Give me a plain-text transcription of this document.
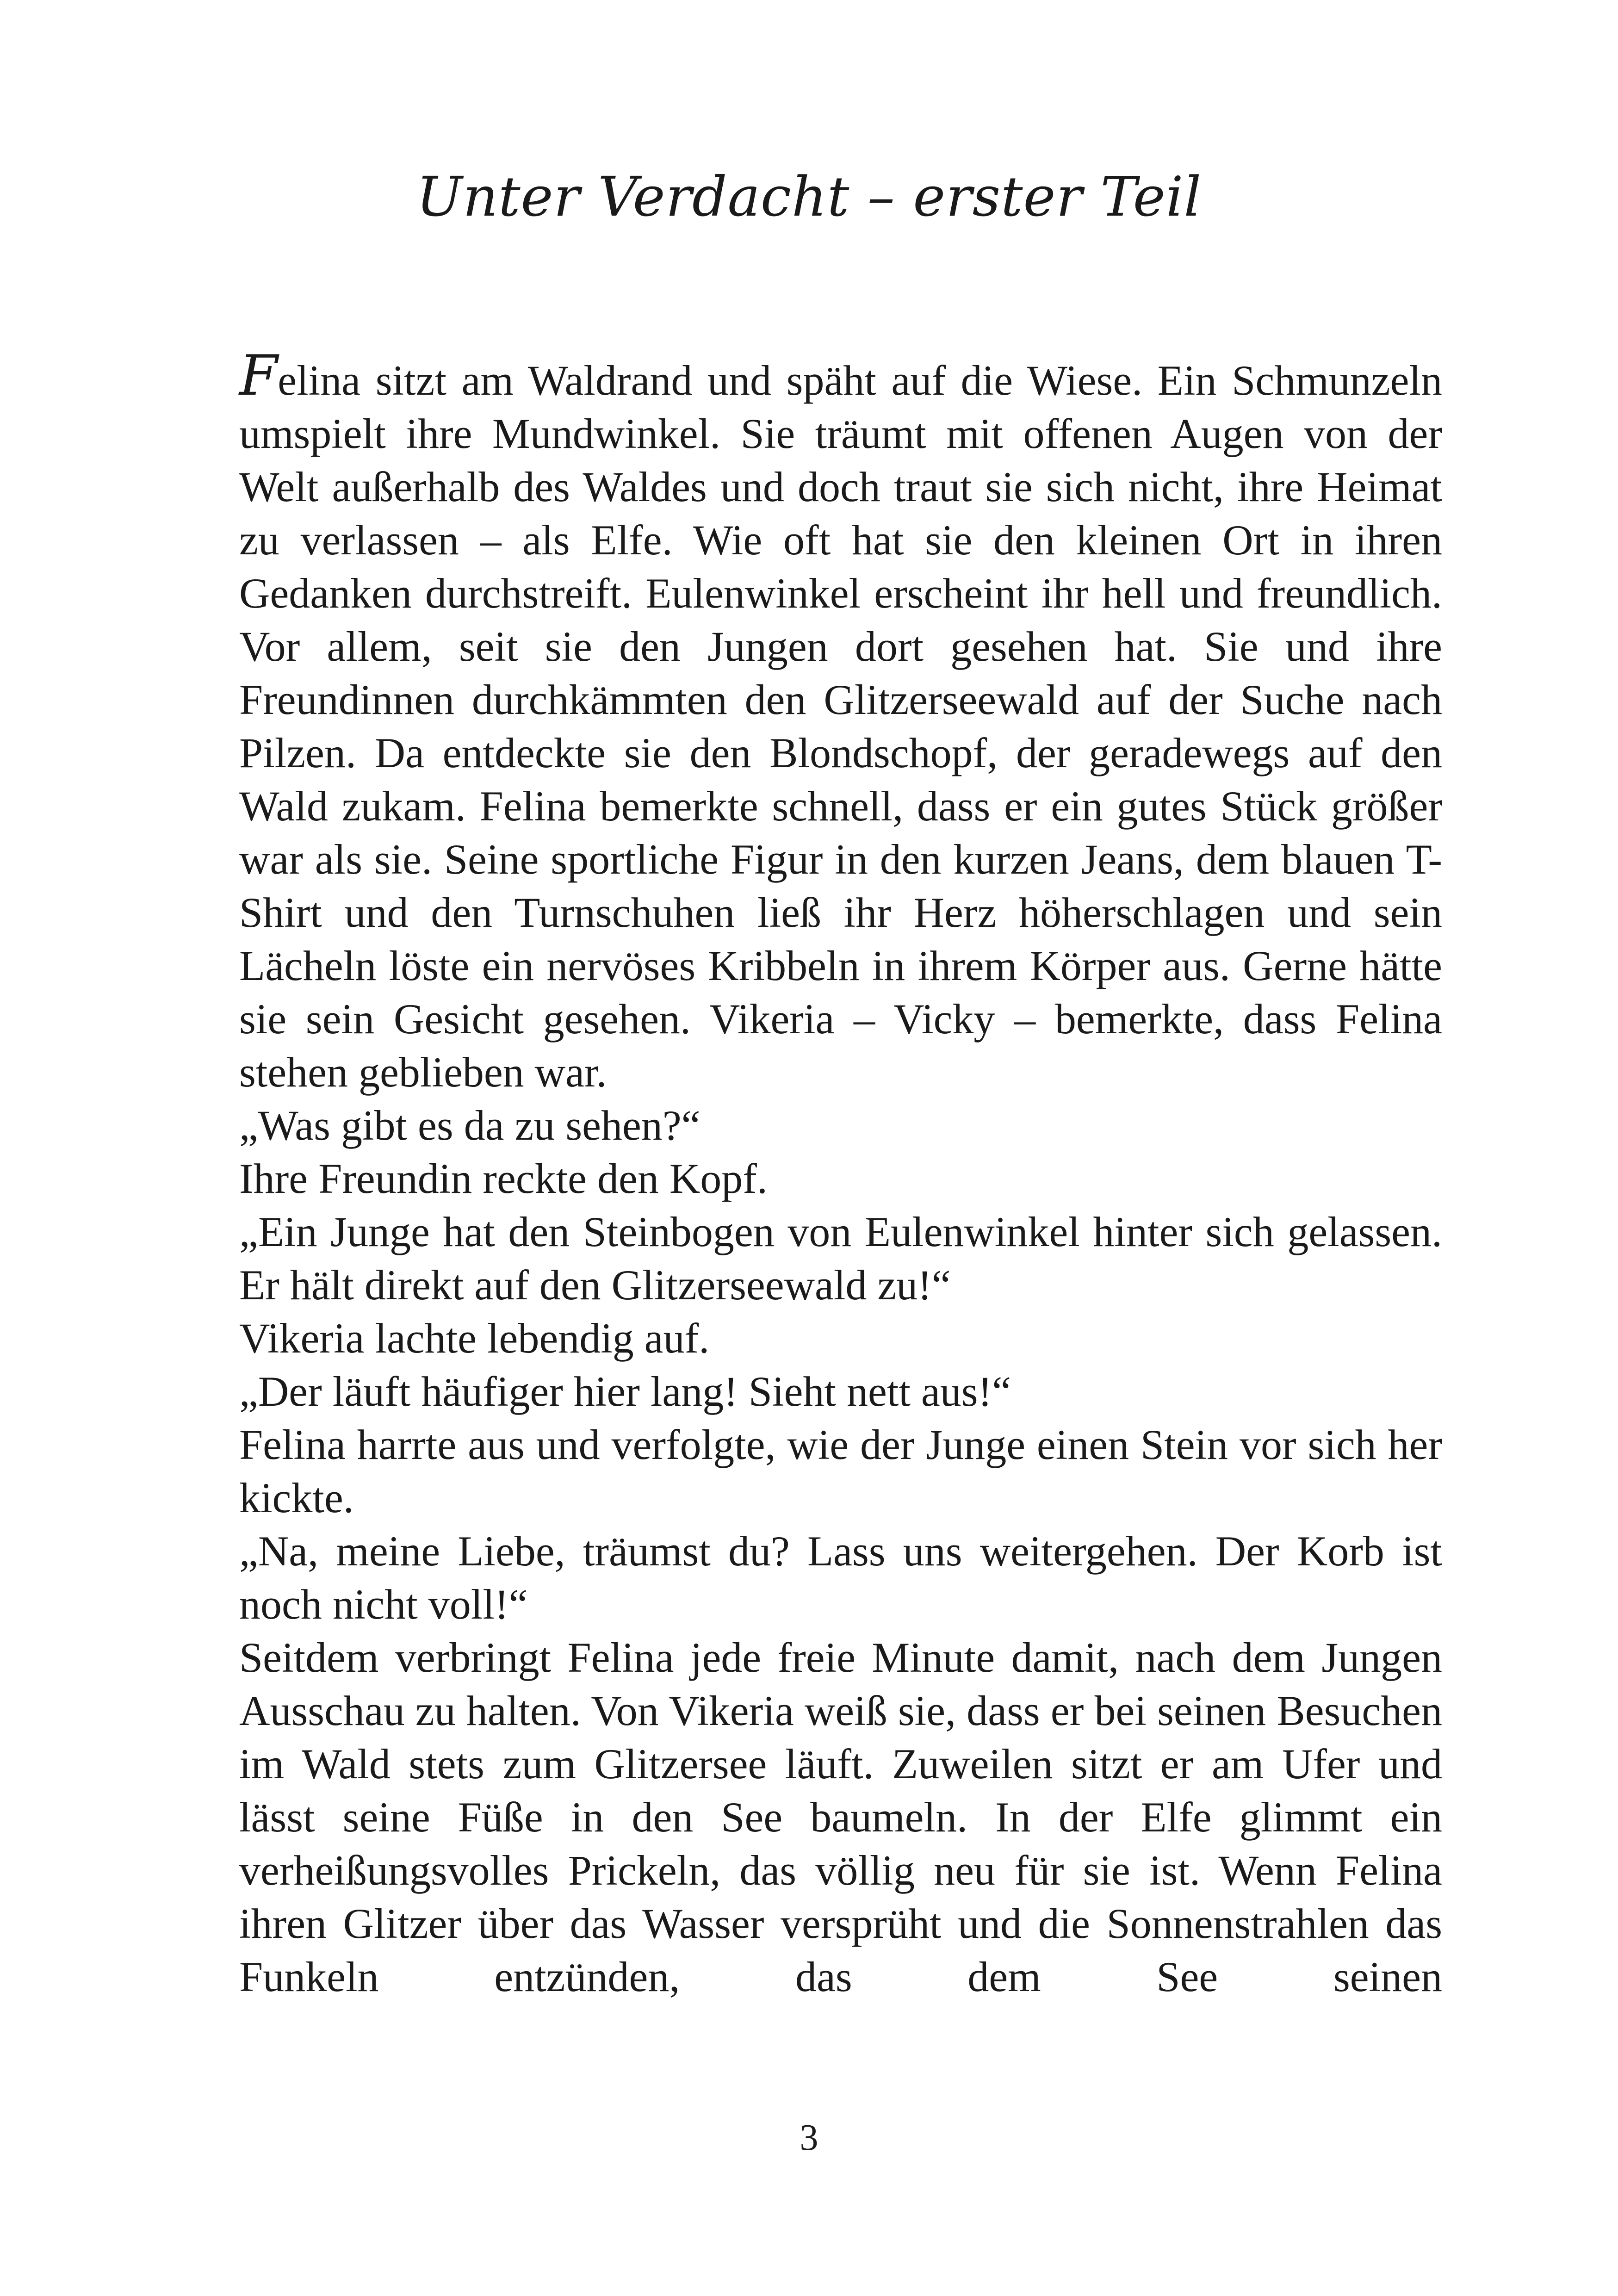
Unter Verdacht – erster Teil

Felina sitzt am Waldrand und späht auf die Wiese. Ein Schmunzeln umspielt ihre Mundwinkel. Sie träumt mit offenen Augen von der Welt außerhalb des Waldes und doch traut sie sich nicht, ihre Heimat zu verlassen – als Elfe. Wie oft hat sie den kleinen Ort in ihren Gedanken durchstreift. Eulenwinkel erscheint ihr hell und freundlich. Vor allem, seit sie den Jungen dort gesehen hat. Sie und ihre Freundinnen durchkämmten den Glitzerseewald auf der Suche nach Pilzen. Da entdeckte sie den Blondschopf, der geradewegs auf den Wald zukam. Felina bemerkte schnell, dass er ein gutes Stück größer war als sie. Seine sportliche Figur in den kurzen Jeans, dem blauen T-Shirt und den Turnschuhen ließ ihr Herz höherschlagen und sein Lächeln löste ein nervöses Kribbeln in ihrem Körper aus. Gerne hätte sie sein Gesicht gesehen. Vikeria – Vicky – bemerkte, dass Felina stehen geblieben war.

„Was gibt es da zu sehen?“

Ihre Freundin reckte den Kopf.

„Ein Junge hat den Steinbogen von Eulenwinkel hinter sich gelassen. Er hält direkt auf den Glitzerseewald zu!“

Vikeria lachte lebendig auf.

„Der läuft häufiger hier lang! Sieht nett aus!“

Felina harrte aus und verfolgte, wie der Junge einen Stein vor sich her kickte.

„Na, meine Liebe, träumst du? Lass uns weitergehen. Der Korb ist noch nicht voll!“

Seitdem verbringt Felina jede freie Minute damit, nach dem Jungen Ausschau zu halten. Von Vikeria weiß sie, dass er bei seinen Besuchen im Wald stets zum Glitzersee läuft. Zuweilen sitzt er am Ufer und lässt seine Füße in den See baumeln. In der Elfe glimmt ein verheißungsvolles Prickeln, das völlig neu für sie ist. Wenn Felina ihren Glitzer über das Wasser versprüht und die Sonnenstrahlen das Funkeln entzünden, das dem See seinen

3
